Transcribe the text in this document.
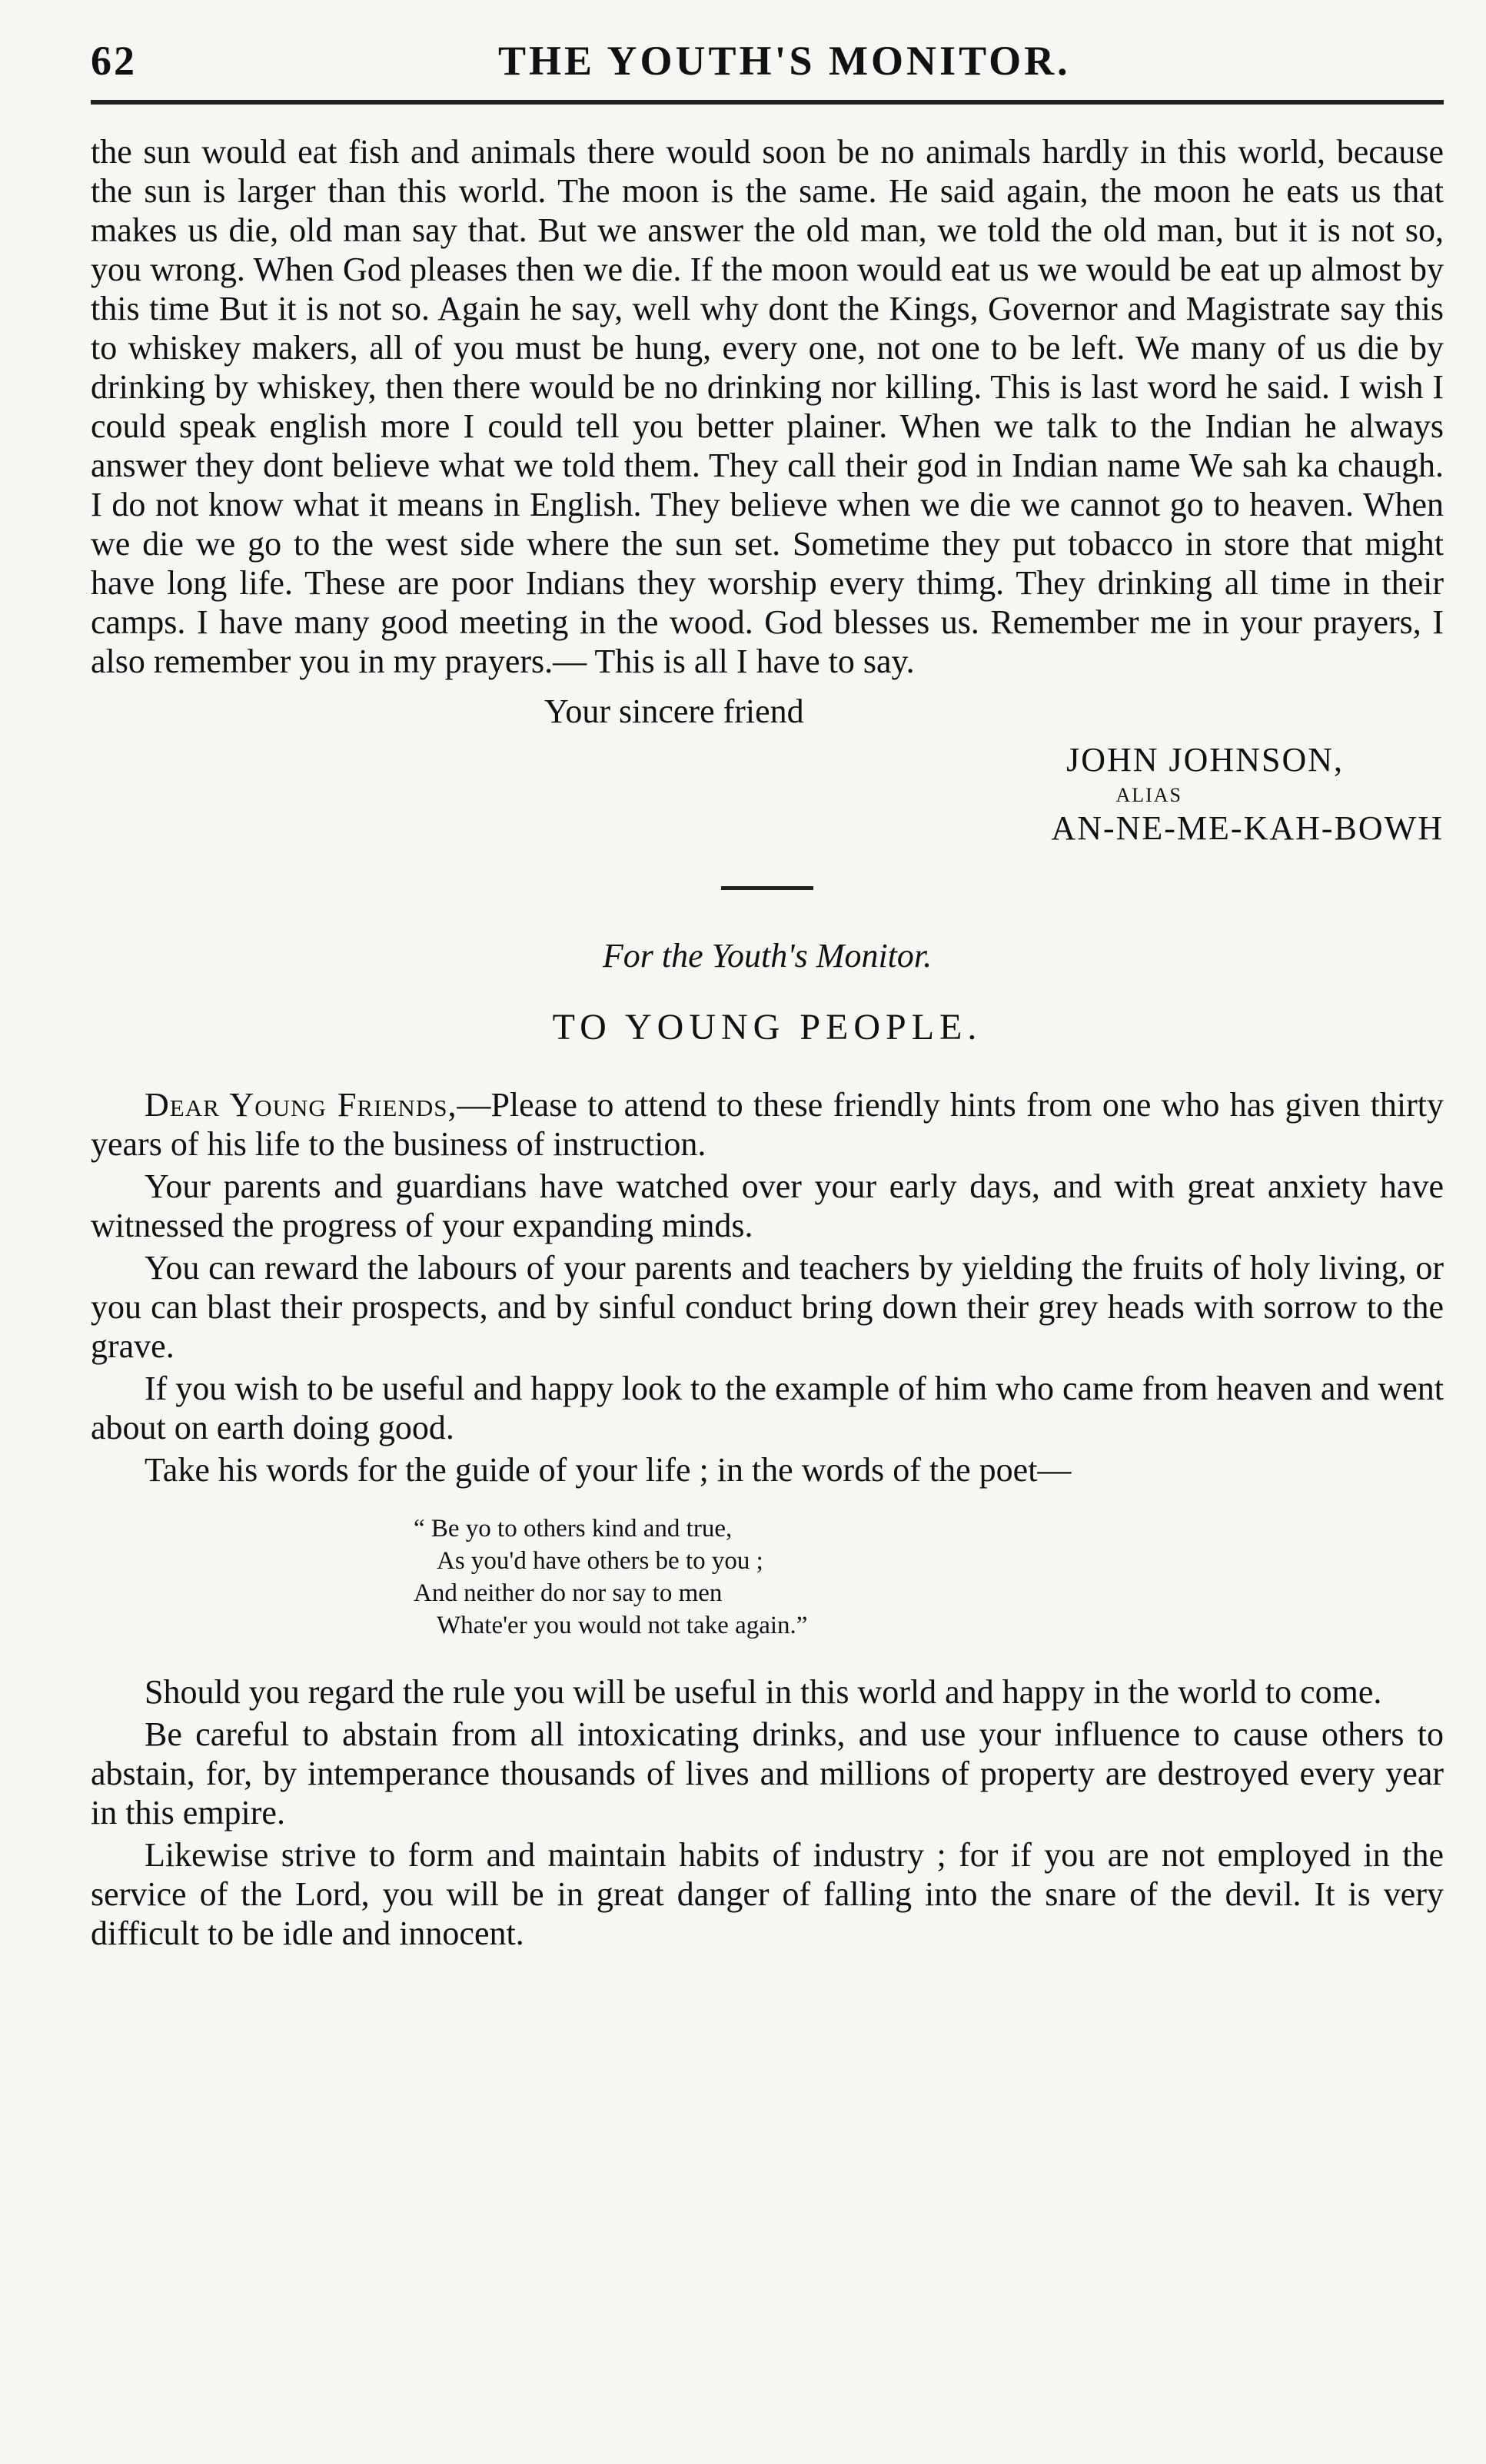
62	THE YOUTH'S MONITOR.

the sun would eat fish and animals there would soon be no animals hardly in this world, because the sun is larger than this world. The moon is the same. He said again, the moon he eats us that makes us die, old man say that. But we answer the old man, we told the old man, but it is not so, you wrong. When God pleases then we die. If the moon would eat us we would be eat up almost by this time But it is not so. Again he say, well why dont the Kings, Governor and Magistrate say this to whiskey makers, all of you must be hung, every one, not one to be left. We many of us die by drinking by whiskey, then there would be no drinking nor killing. This is last word he said. I wish I could speak english more I could tell you better plainer. When we talk to the Indian he always answer they dont believe what we told them. They call their god in Indian name We sah ka chaugh. I do not know what it means in English. They believe when we die we cannot go to heaven. When we die we go to the west side where the sun set. Sometime they put tobacco in store that might have long life. These are poor Indians they worship every thimg. They drinking all time in their camps. I have many good meeting in the wood. God blesses us. Remember me in your prayers, I also remember you in my prayers.— This is all I have to say.

Your sincere friend
JOHN JOHNSON,
ALIAS
AN-NE-ME-KAH-BOWH
For the Youth's Monitor.
TO YOUNG PEOPLE.

Dear Young Friends,—Please to attend to these friendly hints from one who has given thirty years of his life to the business of instruction.

Your parents and guardians have watched over your early days, and with great anxiety have witnessed the progress of your expanding minds.

You can reward the labours of your parents and teachers by yielding the fruits of holy living, or you can blast their prospects, and by sinful conduct bring down their grey heads with sorrow to the grave.

If you wish to be useful and happy look to the example of him who came from heaven and went about on earth doing good.

Take his words for the guide of your life ; in the words of the poet—

“ Be yo to others kind and true,
As you'd have others be to you ;
And neither do nor say to men
Whate'er you would not take again.”

Should you regard the rule you will be useful in this world and happy in the world to come.

Be careful to abstain from all intoxicating drinks, and use your influence to cause others to abstain, for, by intemperance thousands of lives and millions of property are destroyed every year in this empire.

Likewise strive to form and maintain habits of industry ; for if you are not employed in the service of the Lord, you will be in great danger of falling into the snare of the devil. It is very difficult to be idle and innocent.
